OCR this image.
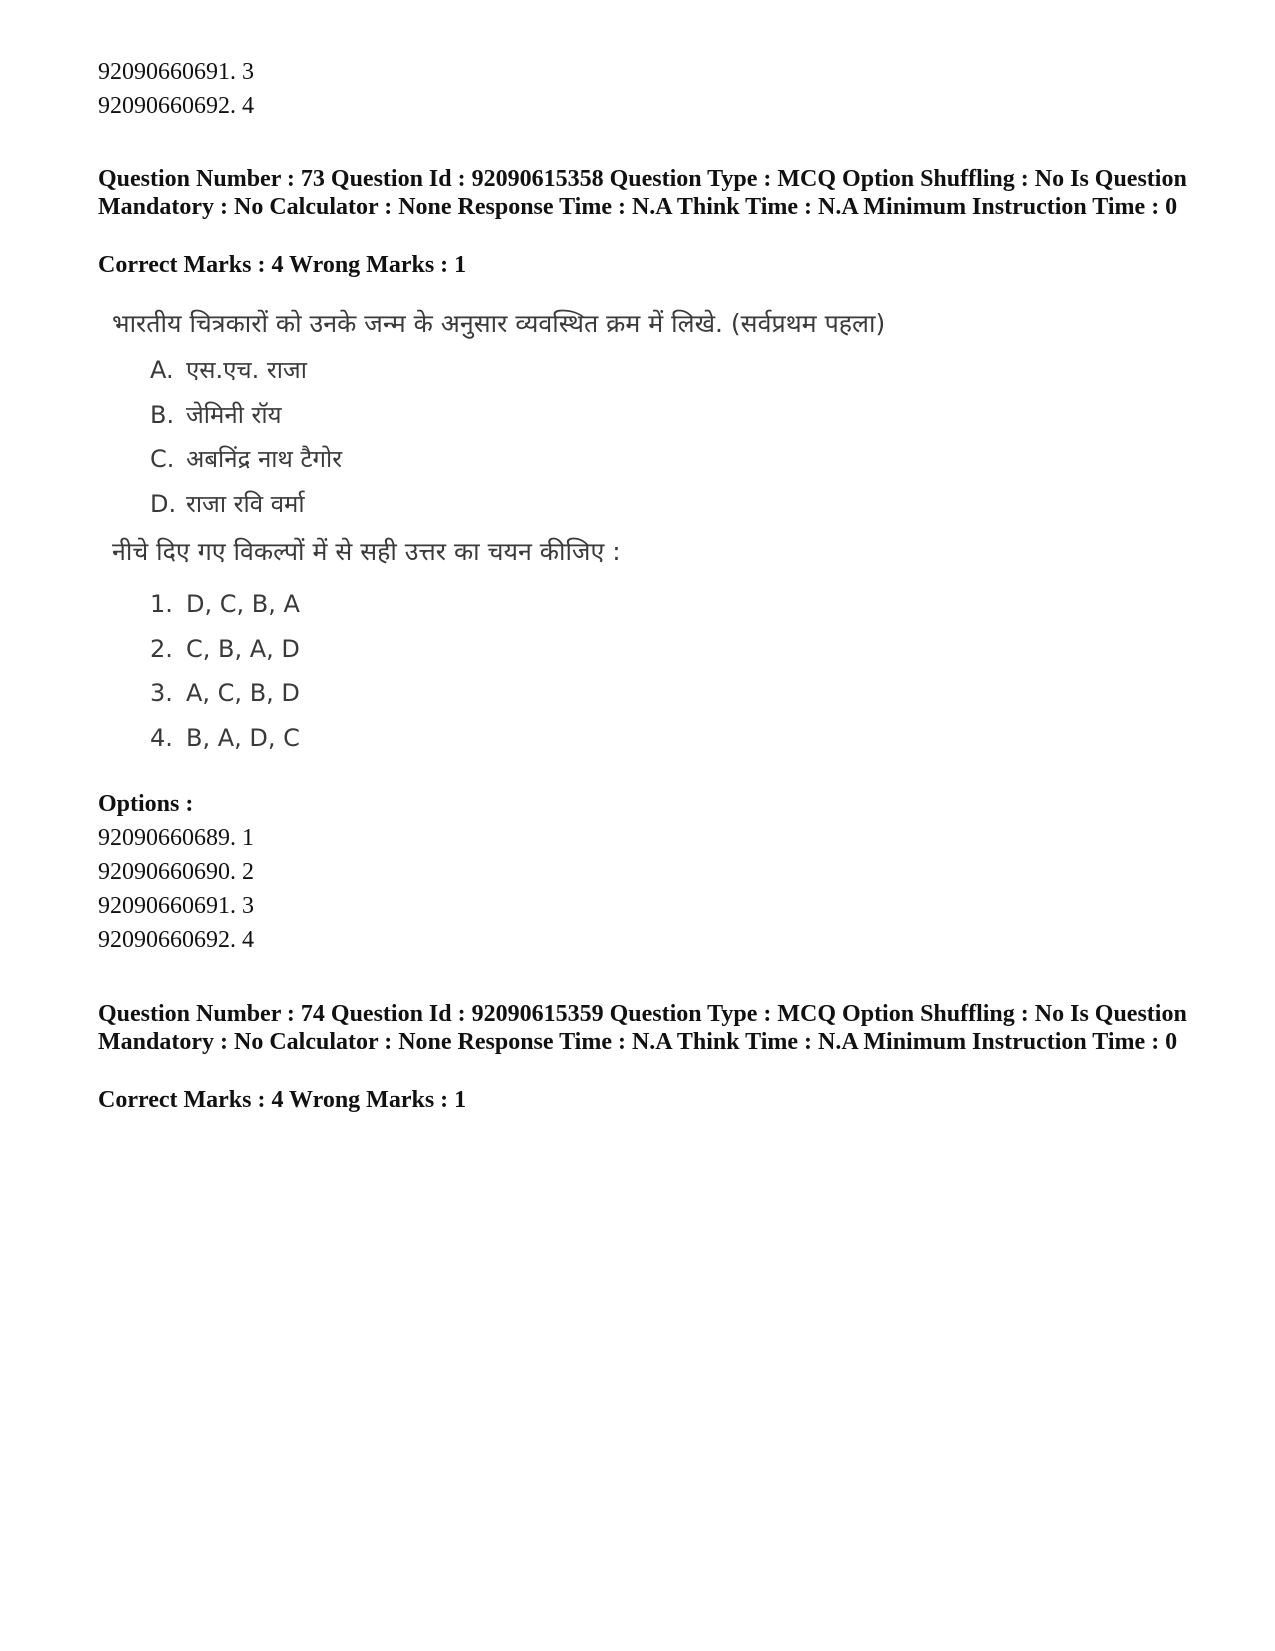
92090660691. 3
92090660692. 4
Question Number : 73 Question Id : 92090615358 Question Type : MCQ Option Shuffling : No Is Question Mandatory : No Calculator : None Response Time : N.A Think Time : N.A Minimum Instruction Time : 0
Correct Marks : 4 Wrong Marks : 1
भारतीय चित्रकारों को उनके जन्म के अनुसार व्यवस्थित क्रम में लिखे. (सर्वप्रथम पहला)
A. एस.एच. राजा
B. जेमिनी रॉय
C. अबनिंद्र नाथ टैगोर
D. राजा रवि वर्मा
नीचे दिए गए विकल्पों में से सही उत्तर का चयन कीजिए :
1. D, C, B, A
2. C, B, A, D
3. A, C, B, D
4. B, A, D, C
Options :
92090660689. 1
92090660690. 2
92090660691. 3
92090660692. 4
Question Number : 74 Question Id : 92090615359 Question Type : MCQ Option Shuffling : No Is Question Mandatory : No Calculator : None Response Time : N.A Think Time : N.A Minimum Instruction Time : 0
Correct Marks : 4 Wrong Marks : 1
